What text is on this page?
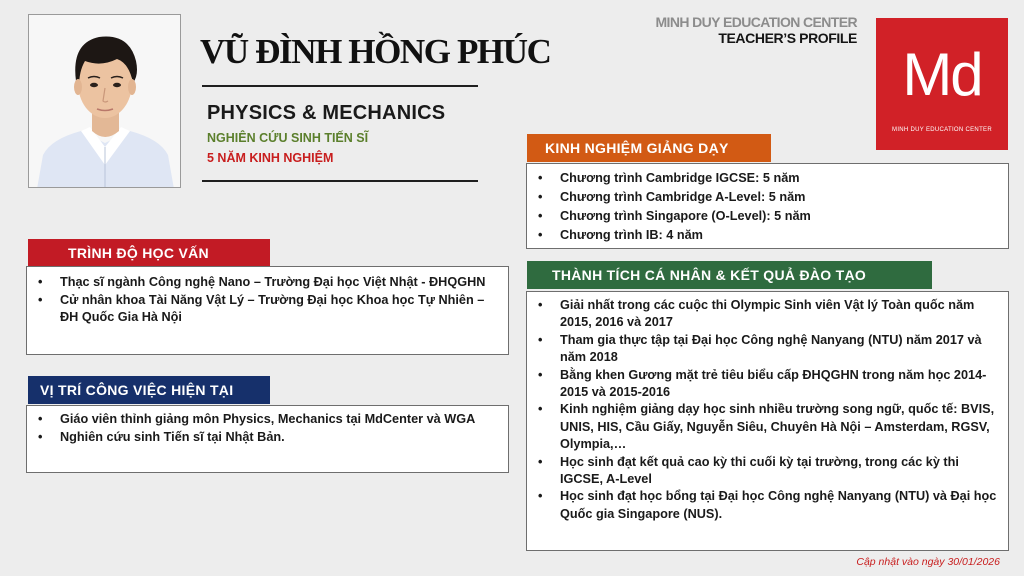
VŨ ĐÌNH HỒNG PHÚC
PHYSICS & MECHANICS
NGHIÊN CỨU SINH TIẾN SĨ
5 NĂM KINH NGHIỆM
MINH DUY EDUCATION CENTER
TEACHER’S PROFILE
Md
MINH DUY EDUCATION CENTER
TRÌNH ĐỘ HỌC VẤN
• Thạc sĩ ngành Công nghệ Nano – Trường Đại học Việt Nhật - ĐHQGHN
• Cử nhân khoa Tài Năng Vật Lý – Trường Đại học Khoa học Tự Nhiên – ĐH Quốc Gia Hà Nội
VỊ TRÍ CÔNG VIỆC HIỆN TẠI
• Giáo viên thỉnh giảng môn Physics, Mechanics tại MdCenter và WGA
• Nghiên cứu sinh Tiến sĩ tại Nhật Bản.
KINH NGHIỆM GIẢNG DẠY
• Chương trình Cambridge IGCSE: 5 năm
• Chương trình Cambridge A-Level: 5 năm
• Chương trình Singapore (O-Level): 5 năm
• Chương trình IB: 4 năm
THÀNH TÍCH CÁ NHÂN & KẾT QUẢ ĐÀO TẠO
• Giải nhất trong các cuộc thi Olympic Sinh viên Vật lý Toàn quốc năm 2015, 2016 và 2017
• Tham gia thực tập tại Đại học Công nghệ Nanyang (NTU) năm 2017 và năm 2018
• Bằng khen Gương mặt trẻ tiêu biểu cấp ĐHQGHN trong năm học 2014-2015 và 2015-2016
• Kinh nghiệm giảng dạy học sinh nhiều trường song ngữ, quốc tế: BVIS, UNIS, HIS, Cầu Giấy, Nguyễn Siêu, Chuyên Hà Nội – Amsterdam, RGSV, Olympia,…
• Học sinh đạt kết quả cao kỳ thi cuối kỳ tại trường, trong các kỳ thi IGCSE, A-Level
• Học sinh đạt học bổng tại Đại học Công nghệ Nanyang (NTU) và Đại học Quốc gia Singapore (NUS).
Cập nhật vào ngày 30/01/2026
